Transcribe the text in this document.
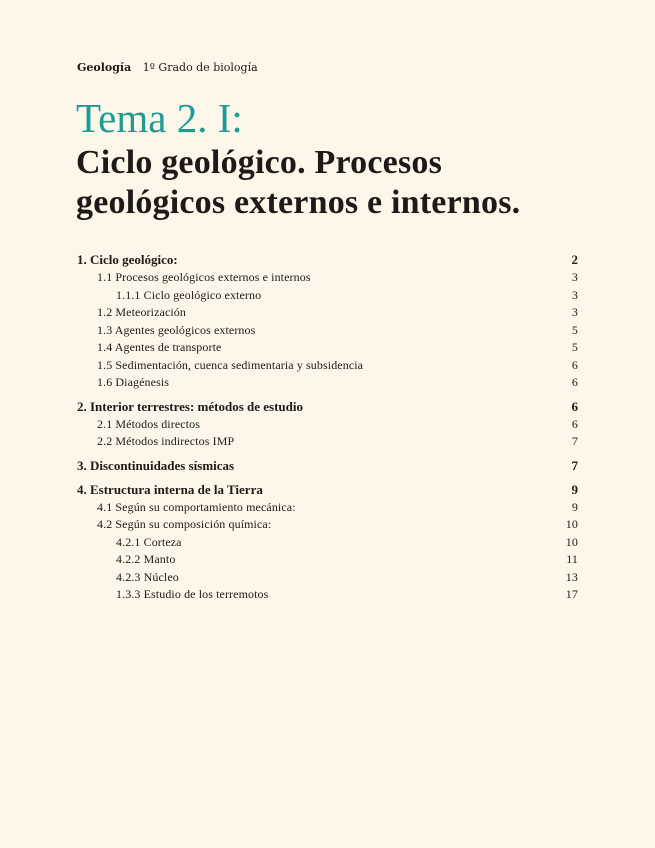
Geología 1º Grado de biología
Tema 2. I:
Ciclo geológico. Procesos
geológicos externos e internos.
1. Ciclo geológico:	2
1.1 Procesos geológicos externos e internos	3
1.1.1 Ciclo geológico externo	3
1.2 Meteorización	3
1.3 Agentes geológicos externos	5
1.4 Agentes de transporte	5
1.5 Sedimentación, cuenca sedimentaria y subsidencia	6
1.6 Diagénesis	6
2. Interior terrestres: métodos de estudio	6
2.1 Métodos directos	6
2.2 Métodos indirectos IMP	7
3. Discontinuidades sísmicas	7
4. Estructura interna de la Tierra	9
4.1 Según su comportamiento mecánica:	9
4.2 Según su composición química:	10
4.2.1 Corteza	10
4.2.2 Manto	11
4.2.3 Núcleo	13
1.3.3 Estudio de los terremotos	17
